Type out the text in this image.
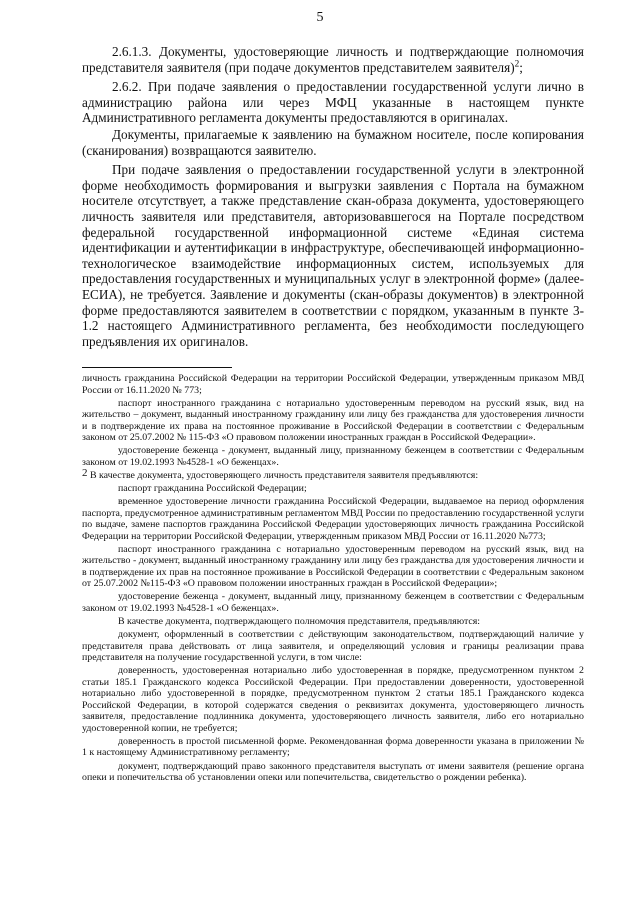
5

2.6.1.3. Документы, удостоверяющие личность и подтверждающие полномочия представителя заявителя (при подаче документов представителем заявителя)$^2$;

2.6.2. При подаче заявления о предоставлении государственной услуги лично в администрацию района или через МФЦ указанные в настоящем пункте Административного регламента документы предоставляются в оригиналах.

Документы, прилагаемые к заявлению на бумажном носителе, после копирования (сканирования) возвращаются заявителю.

При подаче заявления о предоставлении государственной услуги в электронной форме необходимость формирования и выгрузки заявления с Портала на бумажном носителе отсутствует, а также представление скан-образа документа, удостоверяющего личность заявителя или представителя, авторизовавшегося на Портале посредством федеральной государственной информационной системе «Единая система идентификации и аутентификации в инфраструктуре, обеспечивающей информационно-технологическое взаимодействие информационных систем, используемых для предоставления государственных и муниципальных услуг в электронной форме» (далее-ЕСИА), не требуется. Заявление и документы (скан-образы документов) в электронной форме предоставляются заявителем в соответствии с порядком, указанным в пункте 3-1.2 настоящего Административного регламента, без необходимости последующего предъявления их оригиналов.

личность гражданина Российской Федерации на территории Российской Федерации, утвержденным приказом МВД России от 16.11.2020 № 773;

паспорт иностранного гражданина с нотариально удостоверенным переводом на русский язык, вид на жительство – документ, выданный иностранному гражданину или лицу без гражданства для удостоверения личности и в подтверждение их права на постоянное проживание в Российской Федерации в соответствии с Федеральным законом от 25.07.2002 № 115-ФЗ «О правовом положении иностранных граждан в Российской Федерации».

удостоверение беженца - документ, выданный лицу, признанному беженцем в соответствии с Федеральным законом от 19.02.1993 №4528-1 «О беженцах».

2 В качестве документа, удостоверяющего личность представителя заявителя предъявляются:

паспорт гражданина Российской Федерации;

временное удостоверение личности гражданина Российской Федерации, выдаваемое на период оформления паспорта, предусмотренное административным регламентом МВД России по предоставлению государственной услуги по выдаче, замене паспортов гражданина Российской Федерации удостоверяющих личность гражданина Российской Федерации на территории Российской Федерации, утвержденным приказом МВД России от 16.11.2020 №773;

паспорт иностранного гражданина с нотариально удостоверенным переводом на русский язык, вид на жительство - документ, выданный иностранному гражданину или лицу без гражданства для удостоверения личности и в подтверждение их прав на постоянное проживание в Российской Федерации в соответствии с Федеральным законом от 25.07.2002 №115-ФЗ «О правовом положении иностранных граждан в Российской Федерации»;

удостоверение беженца - документ, выданный лицу, признанному беженцем в соответствии с Федеральным законом от 19.02.1993 №4528-1 «О беженцах».

В качестве документа, подтверждающего полномочия представителя, предъявляются:

документ, оформленный в соответствии с действующим законодательством, подтверждающий наличие у представителя права действовать от лица заявителя, и определяющий условия и границы реализации права представителя на получение государственной услуги, в том числе:

доверенность, удостоверенная нотариально либо удостоверенная в порядке, предусмотренном пунктом 2 статьи 185.1 Гражданского кодекса Российской Федерации. При предоставлении доверенности, удостоверенной нотариально либо удостоверенной в порядке, предусмотренном пунктом 2 статьи 185.1 Гражданского кодекса Российской Федерации, в которой содержатся сведения о реквизитах документа, удостоверяющего личность заявителя, предоставление подлинника документа, удостоверяющего личность заявителя, либо его нотариально удостоверенной копии, не требуется;

доверенность в простой письменной форме. Рекомендованная форма доверенности указана в приложении № 1 к настоящему Административному регламенту;

документ, подтверждающий право законного представителя выступать от имени заявителя (решение органа опеки и попечительства об установлении опеки или попечительства, свидетельство о рождении ребенка).
